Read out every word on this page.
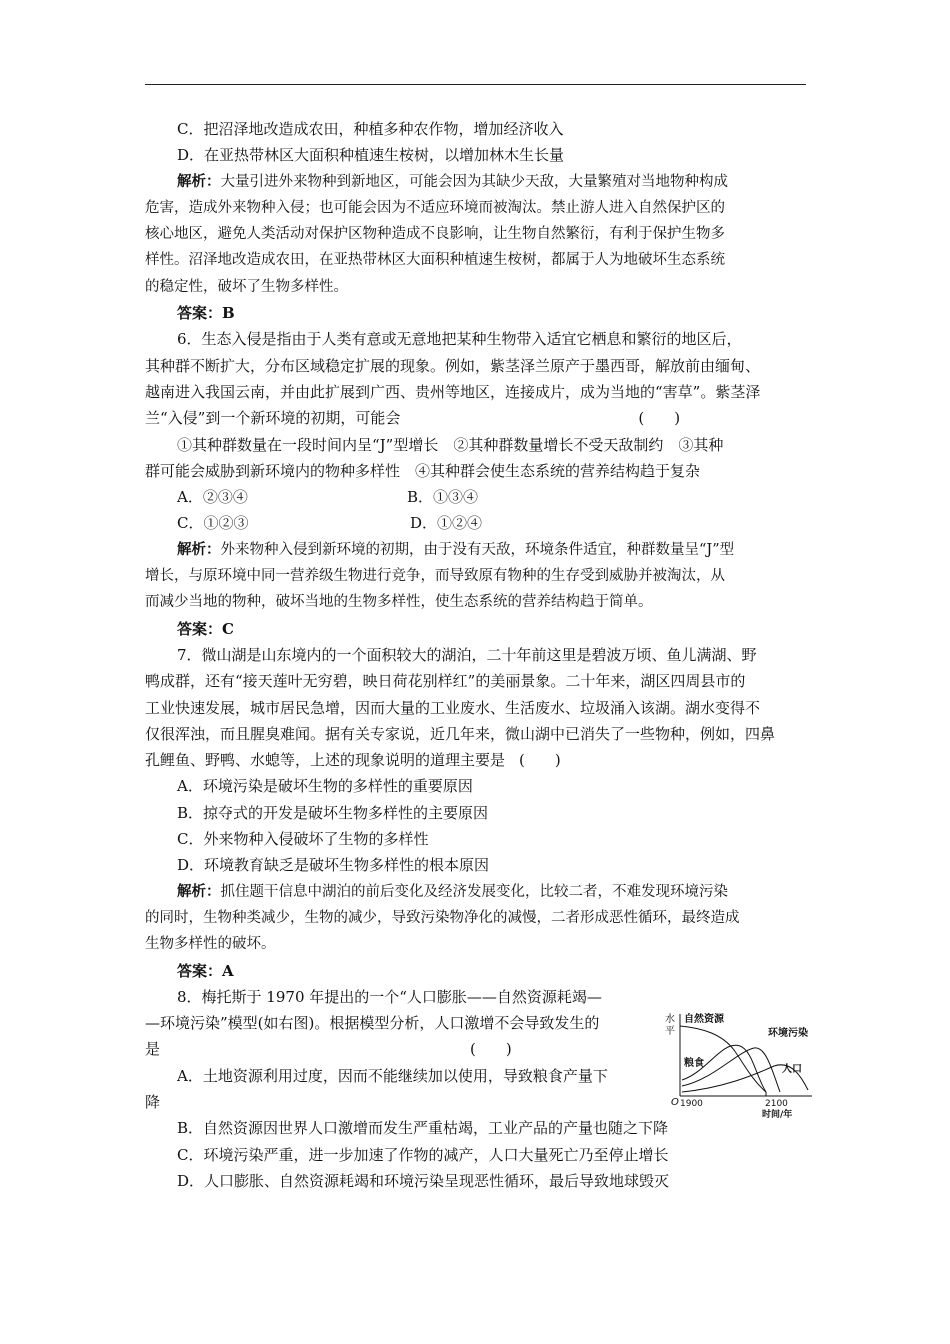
C．把沼泽地改造成农田，种植多种农作物，增加经济收入
D．在亚热带林区大面积种植速生桉树，以增加林木生长量
解析：大量引进外来物种到新地区，可能会因为其缺少天敌，大量繁殖对当地物种构成
危害，造成外来物种入侵；也可能会因为不适应环境而被淘汰。禁止游人进入自然保护区的
核心地区，避免人类活动对保护区物种造成不良影响，让生物自然繁衍，有利于保护生物多
样性。沼泽地改造成农田，在亚热带林区大面积种植速生桉树，都属于人为地破坏生态系统
的稳定性，破坏了生物多样性。
答案：B
6．生态入侵是指由于人类有意或无意地把某种生物带入适宜它栖息和繁衍的地区后，
其种群不断扩大，分布区域稳定扩展的现象。例如，紫茎泽兰原产于墨西哥，解放前由缅甸、
越南进入我国云南，并由此扩展到广西、贵州等地区，连接成片，成为当地的“害草”。紫茎泽
兰“入侵”到一个新环境的初期，可能会	(　　)
①其种群数量在一段时间内呈“J”型增长　②其种群数量增长不受天敌制约　③其种
群可能会威胁到新环境内的物种多样性　④其种群会使生态系统的营养结构趋于复杂
A．②③④	B．①③④
C．①②③	D．①②④
解析：外来物种入侵到新环境的初期，由于没有天敌，环境条件适宜，种群数量呈“J”型
增长，与原环境中同一营养级生物进行竞争，而导致原有物种的生存受到威胁并被淘汰，从
而减少当地的物种，破坏当地的生物多样性，使生态系统的营养结构趋于简单。
答案：C
7．微山湖是山东境内的一个面积较大的湖泊，二十年前这里是碧波万顷、鱼儿满湖、野
鸭成群，还有“接天莲叶无穷碧，映日荷花别样红”的美丽景象。二十年来，湖区四周县市的
工业快速发展，城市居民急增，因而大量的工业废水、生活废水、垃圾涌入该湖。湖水变得不
仅很浑浊，而且腥臭难闻。据有关专家说，近几年来，微山湖中已消失了一些物种，例如，四鼻
孔鲤鱼、野鸭、水螅等，上述的现象说明的道理主要是 (　　)
A．环境污染是破坏生物的多样性的重要原因
B．掠夺式的开发是破坏生物多样性的主要原因
C．外来物种入侵破坏了生物的多样性
D．环境教育缺乏是破坏生物多样性的根本原因
解析：抓住题干信息中湖泊的前后变化及经济发展变化，比较二者，不难发现环境污染
的同时，生物种类减少，生物的减少，导致污染物净化的减慢，二者形成恶性循环，最终造成
生物多样性的破坏。
答案：A
8．梅托斯于 1970 年提出的一个“人口膨胀——自然资源耗竭—
—环境污染”模型(如右图)。根据模型分析，人口激增不会导致发生的
是	(　　)
A．土地资源利用过度，因而不能继续加以使用，导致粮食产量下
降
B．自然资源因世界人口激增而发生严重枯竭，工业产品的产量也随之下降
C．环境污染严重，进一步加速了作物的减产，人口大量死亡乃至停止增长
D．人口膨胀、自然资源耗竭和环境污染呈现恶性循环，最后导致地球毁灭
水
平
自然资源
环境污染
粮食
人口
O 1900	2100
时间/年
